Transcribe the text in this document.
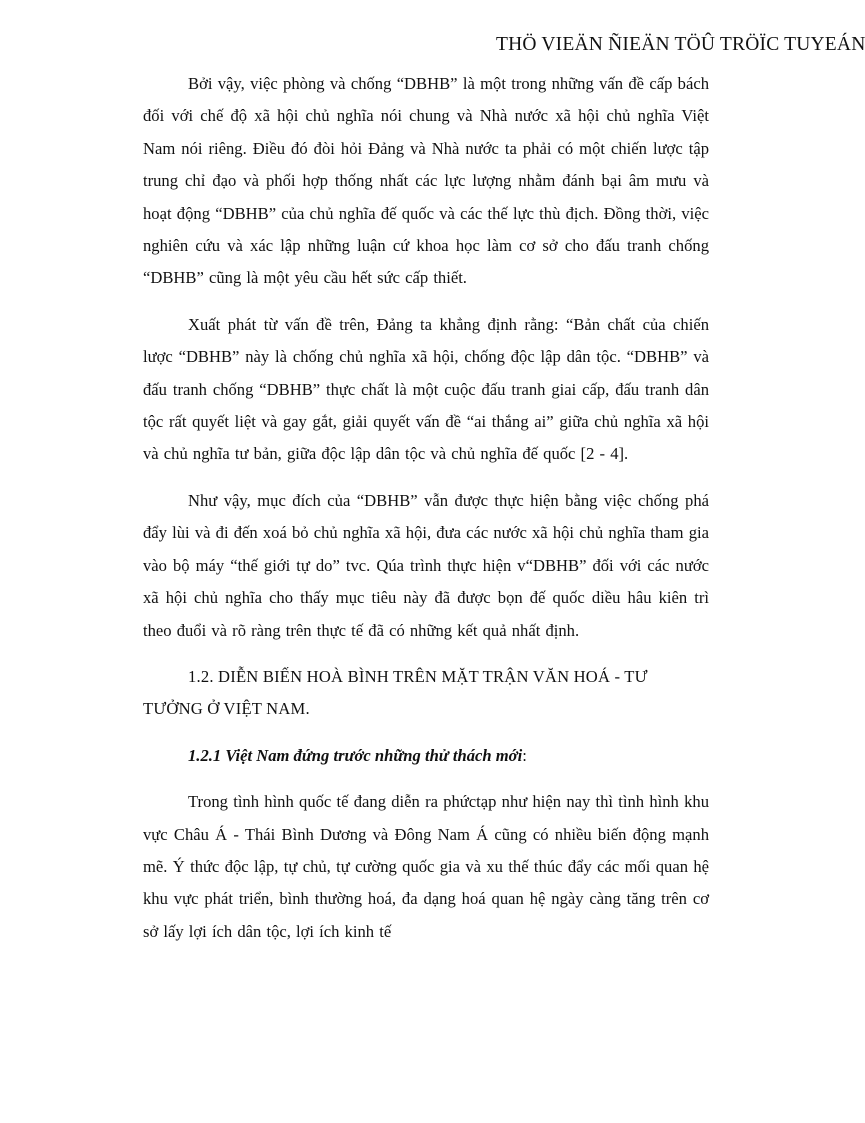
THÖ VIEÄN ÑIEÄN TÖÛ TRÖÏC TUYEÁN

Bởi vậy, việc phòng và chống “DBHB” là một trong những vấn đề cấp bách đối với chế độ xã hội chủ nghĩa nói chung và Nhà nước xã hội chủ nghĩa Việt Nam nói riêng. Điều đó đòi hỏi Đảng và Nhà nước ta phải có một chiến lược tập trung chỉ đạo và phối hợp thống nhất các lực lượng nhằm đánh bại âm mưu và hoạt động “DBHB” của chủ nghĩa đế quốc và các thế lực thù địch. Đồng thời, việc nghiên cứu và xác lập những luận cứ khoa học làm cơ sở cho đấu tranh chống “DBHB” cũng là một yêu cầu hết sức cấp thiết.

Xuất phát từ vấn đề trên, Đảng ta khẳng định rằng: “Bản chất của chiến lược “DBHB” này là chống chủ nghĩa xã hội, chống độc lập dân tộc. “DBHB” và đấu tranh chống “DBHB” thực chất là một cuộc đấu tranh giai cấp, đấu tranh dân tộc rất quyết liệt và gay gắt, giải quyết vấn đề “ai thắng ai” giữa chủ nghĩa xã hội và chủ nghĩa tư bản, giữa độc lập dân tộc và chủ nghĩa đế quốc [2 - 4].

Như vậy, mục đích của “DBHB” vẫn được thực hiện bằng việc chống phá đẩy lùi và đi đến xoá bỏ chủ nghĩa xã hội, đưa các nước xã hội chủ nghĩa tham gia vào bộ máy “thế giới tự do” tvc. Qúa trình thực hiện v“DBHB” đối với các nước xã hội chủ nghĩa cho thấy mục tiêu này đã được bọn đế quốc diều hâu kiên trì theo đuổi và rõ ràng trên thực tế đã có những kết quả nhất định.

1.2. DIỄN BIẾN HOÀ BÌNH TRÊN MẶT TRẬN VĂN HOÁ - TƯ TƯỞNG Ở VIỆT NAM.

1.2.1 Việt Nam đứng trước những thử thách mới:

Trong tình hình quốc tế đang diễn ra phứctạp như hiện nay thì tình hình khu vực Châu Á - Thái Bình Dương và Đông Nam Á cũng có nhiều biến động mạnh mẽ. Ý thức độc lập, tự chủ, tự cường quốc gia và xu thế thúc đẩy các mối quan hệ khu vực phát triển, bình thường hoá, đa dạng hoá quan hệ ngày càng tăng trên cơ sở lấy lợi ích dân tộc, lợi ích kinh tế
